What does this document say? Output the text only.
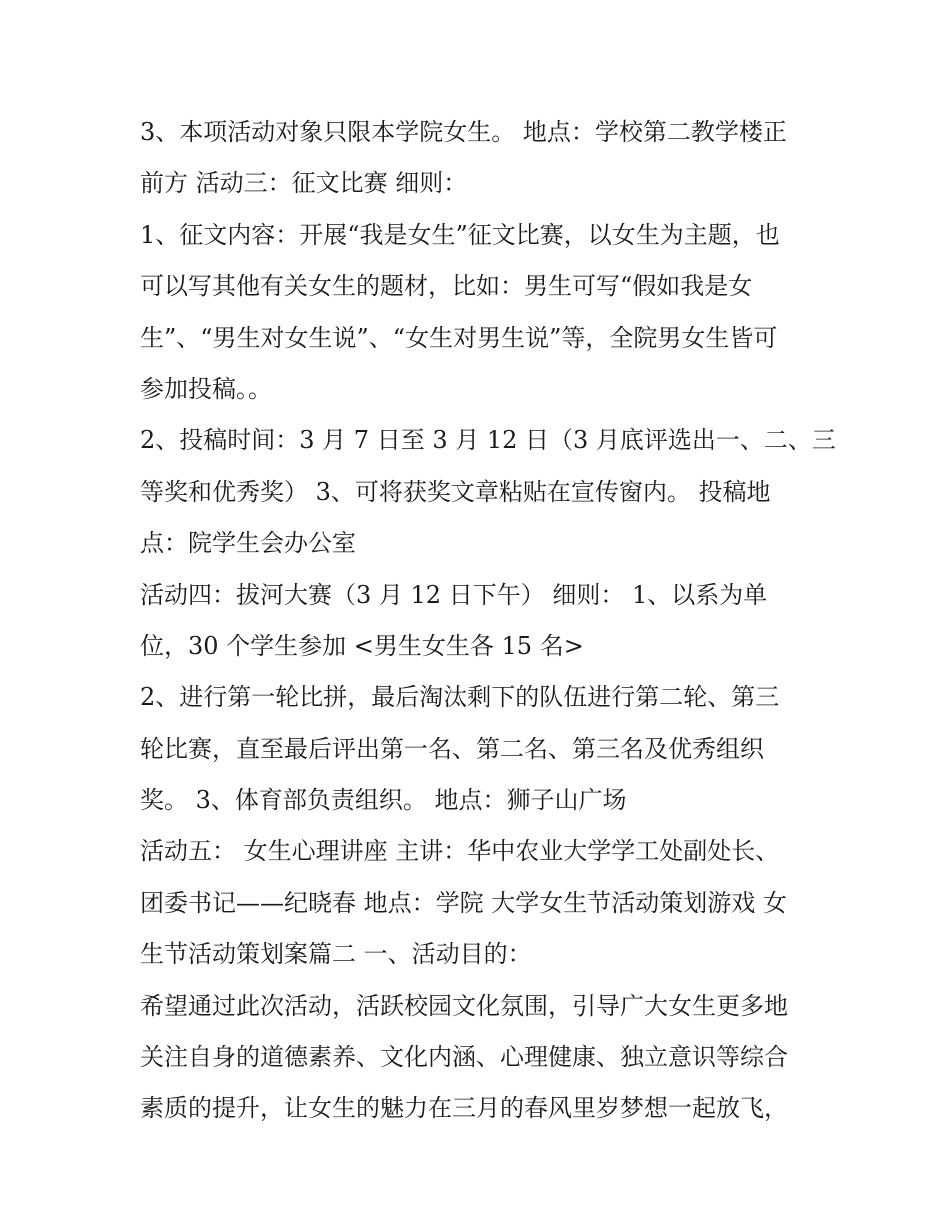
3、本项活动对象只限本学院女生。 地点：学校第二教学楼正
前方 活动三：征文比赛 细则：
1、征文内容：开展“我是女生”征文比赛，以女生为主题，也
可以写其他有关女生的题材，比如：男生可写“假如我是女
生”、“男生对女生说”、“女生对男生说”等，全院男女生皆可
参加投稿。。
2、投稿时间：3 月 7 日至 3 月 12 日（3 月底评选出一、二、三
等奖和优秀奖） 3、可将获奖文章粘贴在宣传窗内。 投稿地
点：院学生会办公室
活动四：拔河大赛（3 月 12 日下午） 细则： 1、以系为单
位，30 个学生参加 <男生女生各 15 名>
2、进行第一轮比拼，最后淘汰剩下的队伍进行第二轮、第三
轮比赛，直至最后评出第一名、第二名、第三名及优秀组织
奖。 3、体育部负责组织。 地点：狮子山广场
活动五： 女生心理讲座 主讲：华中农业大学学工处副处长、
团委书记——纪晓春 地点：学院 大学女生节活动策划游戏 女
生节活动策划案篇二 一、活动目的：
希望通过此次活动，活跃校园文化氛围，引导广大女生更多地
关注自身的道德素养、文化内涵、心理健康、独立意识等综合
素质的提升，让女生的魅力在三月的春风里岁梦想一起放飞，
